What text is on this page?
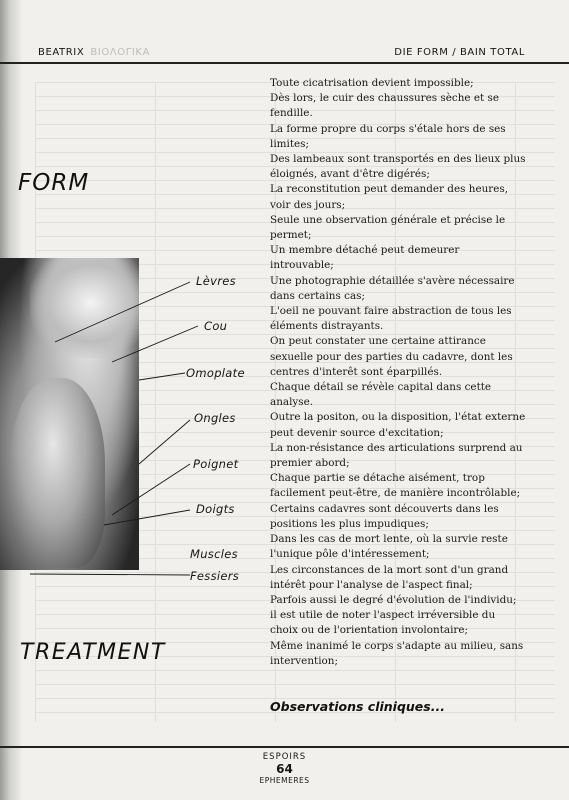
BEATRIX ΒΙΟΛΟΓΙΚΑ	DIE FORM / BAIN TOTAL
FORM
Lèvres
Cou
Omoplate
Ongles
Poignet
Doigts
Muscles
Fessiers
TREATMENT
Toute cicatrisation devient impossible;
Dès lors, le cuir des chaussures sèche et se
fendille.
La forme propre du corps s'étale hors de ses
limites;
Des lambeaux sont transportés en des lieux plus
éloignés, avant d'être digérés;
La reconstitution peut demander des heures,
voir des jours;
Seule une observation générale et précise le
permet;
Un membre détaché peut demeurer
introuvable;
Une photographie détaillée s'avère nécessaire
dans certains cas;
L'oeil ne pouvant faire abstraction de tous les
éléments distrayants.
On peut constater une certaine attirance
sexuelle pour des parties du cadavre, dont les
centres d'interêt sont éparpillés.
Chaque détail se révèle capital dans cette
analyse.
Outre la positon, ou la disposition, l'état externe
peut devenir source d'excitation;
La non-résistance des articulations surprend au
premier abord;
Chaque partie se détache aisément, trop
facilement peut-être, de manière incontrôlable;
Certains cadavres sont découverts dans les
positions les plus impudiques;
Dans les cas de mort lente, où la survie reste
l'unique pôle d'intéressement;
Les circonstances de la mort sont d'un grand
intérêt pour l'analyse de l'aspect final;
Parfois aussi le degré d'évolution de l'individu;
il est utile de noter l'aspect irréversible du
choix ou de l'orientation involontaire;
Même inanimé le corps s'adapte au milieu, sans
intervention;
Observations cliniques...
ESPOIRS
64
EPHEMERES
